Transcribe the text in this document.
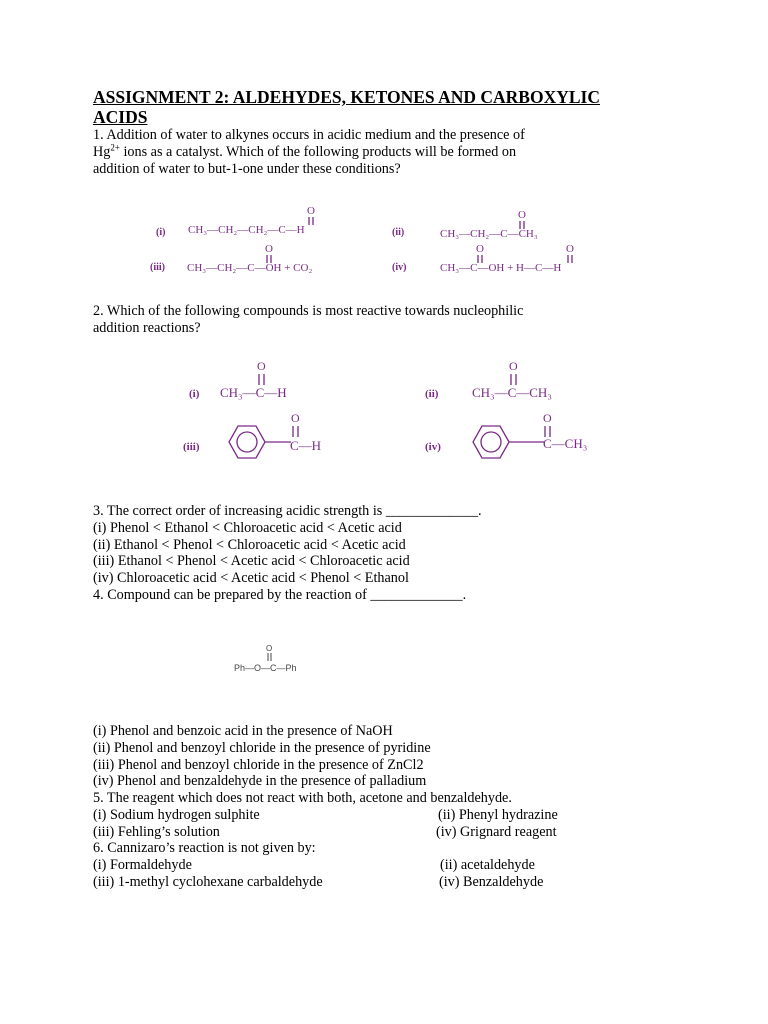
ASSIGNMENT 2: ALDEHYDES, KETONES AND CARBOXYLIC ACIDS
1. Addition of water to alkynes occurs in acidic medium and the presence of
$Hg^{2+}$ ions as a catalyst. Which of the following products will be formed on
addition of water to but-1-one under these conditions?
(i) CH₃—CH₂—CH₂—C—H
O
(ii)	CH₃—CH₂—C—CH₃
O
(iii) CH₃—CH₂—C—OH + CO₂
O
(iv)	CH₃—C—OH + H—C—H
O	O
2. Which of the following compounds is most reactive towards nucleophilic
addition reactions?
(i) CH₃—C—H
O
(ii)	CH₃—C—CH₃
O
(iii)	C—H
O
(iv)	C—CH₃
O
3. The correct order of increasing acidic strength is _____________.
(i) Phenol < Ethanol < Chloroacetic acid < Acetic acid
(ii) Ethanol < Phenol < Chloroacetic acid < Acetic acid
(iii) Ethanol < Phenol < Acetic acid < Chloroacetic acid
(iv) Chloroacetic acid < Acetic acid < Phenol < Ethanol
4. Compound can be prepared by the reaction of _____________.
O
Ph—O—C—Ph
(i) Phenol and benzoic acid in the presence of NaOH
(ii) Phenol and benzoyl chloride in the presence of pyridine
(iii) Phenol and benzoyl chloride in the presence of ZnCl2
(iv) Phenol and benzaldehyde in the presence of palladium
5. The reagent which does not react with both, acetone and benzaldehyde.
(i) Sodium hydrogen sulphite	(ii) Phenyl hydrazine
(iii) Fehling’s solution	(iv) Grignard reagent
6. Cannizaro’s reaction is not given by:
(i) Formaldehyde	(ii) acetaldehyde
(iii) 1-methyl cyclohexane carbaldehyde	(iv) Benzaldehyde
